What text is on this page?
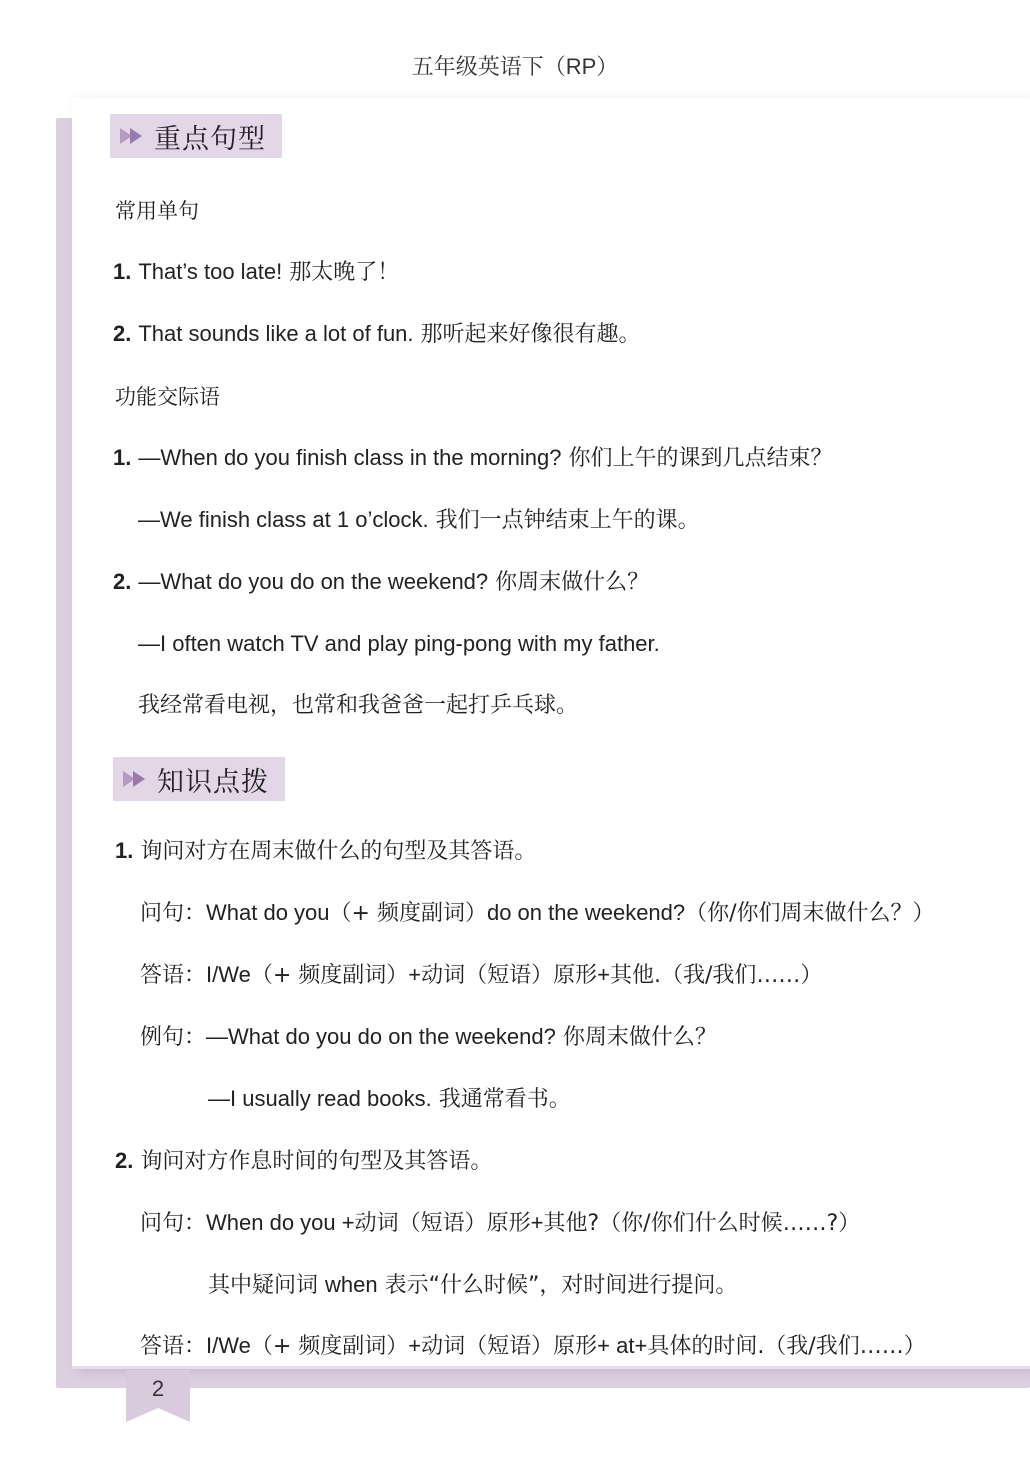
五年级英语下（RP）
重点句型
常用单句
1. That’s too late! 那太晚了！
2. That sounds like a lot of fun. 那听起来好像很有趣。
功能交际语
1. —When do you finish class in the morning? 你们上午的课到几点结束？
—We finish class at 1 o’clock. 我们一点钟结束上午的课。
2. —What do you do on the weekend? 你周末做什么？
—I often watch TV and play ping-pong with my father.
我经常看电视，也常和我爸爸一起打乒乓球。
知识点拨
1. 询问对方在周末做什么的句型及其答语。
问句：What do you（+ 频度副词）do on the weekend?（你/你们周末做什么？）
答语：I/We（+ 频度副词）+动词（短语）原形+其他.（我/我们……）
例句：—What do you do on the weekend? 你周末做什么？
—I usually read books. 我通常看书。
2. 询问对方作息时间的句型及其答语。
问句：When do you +动词（短语）原形+其他?（你/你们什么时候……?）
其中疑问词 when 表示“什么时候”，对时间进行提问。
答语：I/We（+ 频度副词）+动词（短语）原形+ at+具体的时间.（我/我们……）
2
